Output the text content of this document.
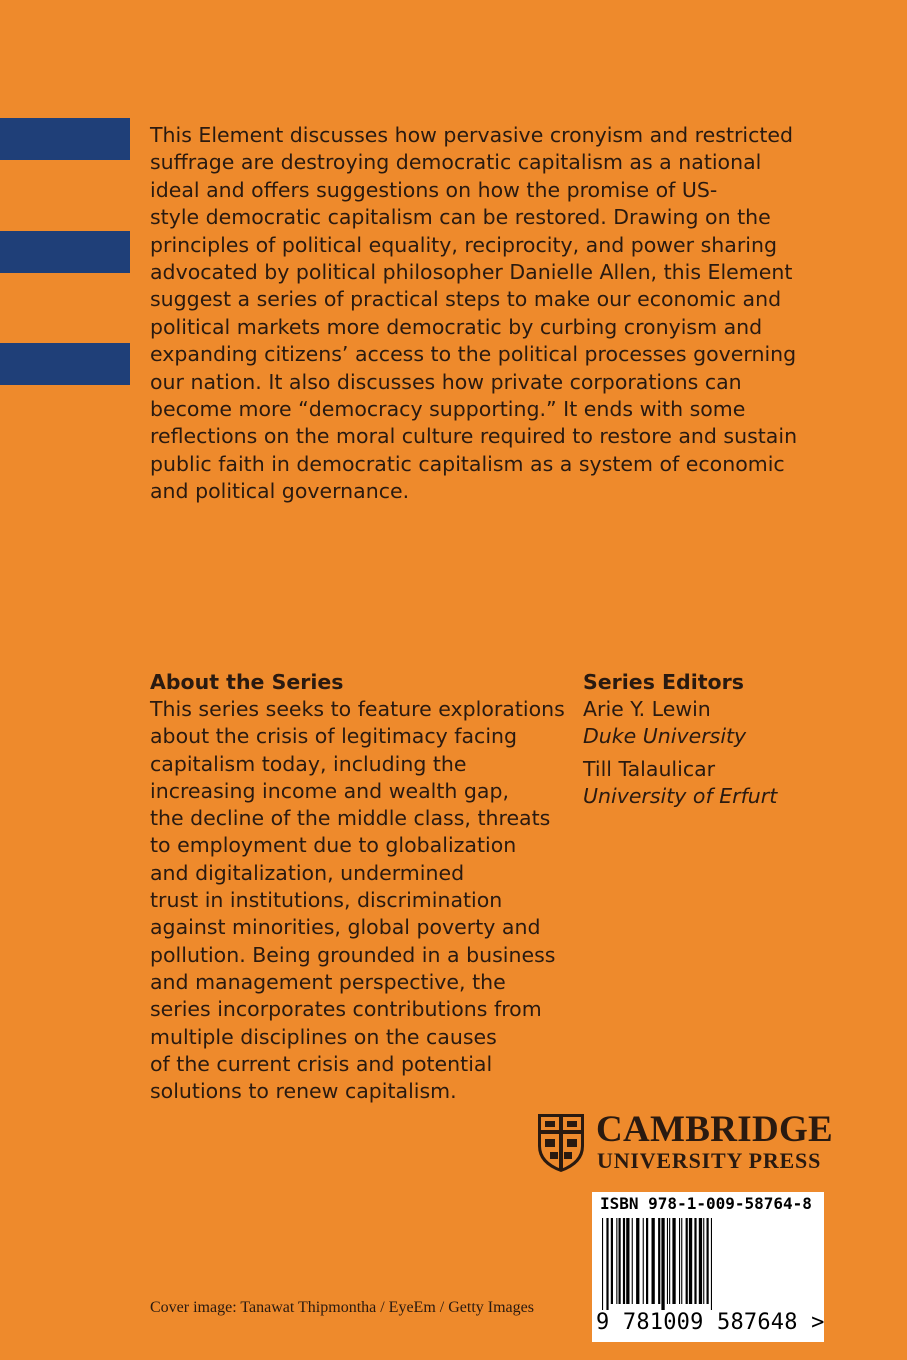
This Element discusses how pervasive cronyism and restricted
suffrage are destroying democratic capitalism as a national
ideal and offers suggestions on how the promise of US-
style democratic capitalism can be restored. Drawing on the
principles of political equality, reciprocity, and power sharing
advocated by political philosopher Danielle Allen, this Element
suggest a series of practical steps to make our economic and
political markets more democratic by curbing cronyism and
expanding citizens’ access to the political processes governing
our nation. It also discusses how private corporations can
become more “democracy supporting.” It ends with some
reflections on the moral culture required to restore and sustain
public faith in democratic capitalism as a system of economic
and political governance.
About the Series
This series seeks to feature explorations
about the crisis of legitimacy facing
capitalism today, including the
increasing income and wealth gap,
the decline of the middle class, threats
to employment due to globalization
and digitalization, undermined
trust in institutions, discrimination
against minorities, global poverty and
pollution. Being grounded in a business
and management perspective, the
series incorporates contributions from
multiple disciplines on the causes
of the current crisis and potential
solutions to renew capitalism.
Series Editors
Arie Y. Lewin
Duke University
Till Talaulicar
University of Erfurt
CAMBRIDGE
UNIVERSITY PRESS
ISBN 978-1-009-58764-8
9 781009 587648 >
Cover image: Tanawat Thipmontha / EyeEm / Getty Images
